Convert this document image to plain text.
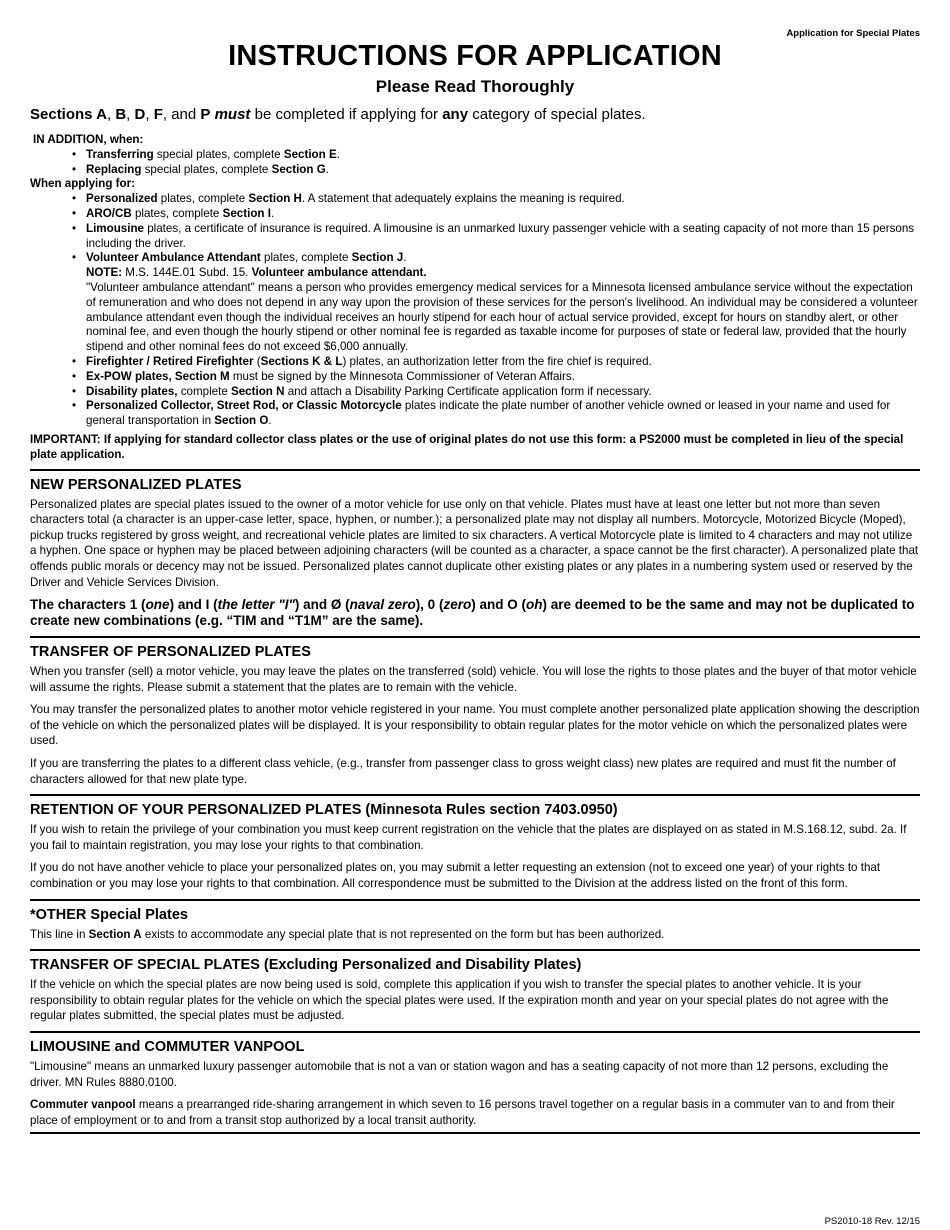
Application for Special Plates
INSTRUCTIONS FOR APPLICATION
Please Read Thoroughly
Sections A, B, D, F, and P must be completed if applying for any category of special plates.
IN ADDITION, when:
• Transferring special plates, complete Section E.
• Replacing special plates, complete Section G.
When applying for:
• Personalized plates, complete Section H. A statement that adequately explains the meaning is required.
• ARO/CB plates, complete Section I.
• Limousine plates, a certificate of insurance is required. A limousine is an unmarked luxury passenger vehicle with a seating capacity of not more than 15 persons including the driver.
• Volunteer Ambulance Attendant plates, complete Section J.
NOTE: M.S. 144E.01 Subd. 15. Volunteer ambulance attendant.
"Volunteer ambulance attendant" means a person who provides emergency medical services for a Minnesota licensed ambulance service without the expectation of remuneration and who does not depend in any way upon the provision of these services for the person's livelihood. An individual may be considered a volunteer ambulance attendant even though the individual receives an hourly stipend for each hour of actual service provided, except for hours on standby alert, or other nominal fee, and even though the hourly stipend or other nominal fee is regarded as taxable income for purposes of state or federal law, provided that the hourly stipend and other nominal fees do not exceed $6,000 annually.
• Firefighter / Retired Firefighter (Sections K & L) plates, an authorization letter from the fire chief is required.
• Ex-POW plates, Section M must be signed by the Minnesota Commissioner of Veteran Affairs.
• Disability plates, complete Section N and attach a Disability Parking Certificate application form if necessary.
• Personalized Collector, Street Rod, or Classic Motorcycle plates indicate the plate number of another vehicle owned or leased in your name and used for general transportation in Section O.
IMPORTANT: If applying for standard collector class plates or the use of original plates do not use this form: a PS2000 must be completed in lieu of the special plate application.
NEW PERSONALIZED PLATES

Personalized plates are special plates issued to the owner of a motor vehicle for use only on that vehicle. Plates must have at least one letter but not more than seven characters total (a character is an upper-case letter, space, hyphen, or number.); a personalized plate may not display all numbers. Motorcycle, Motorized Bicycle (Moped), pickup trucks registered by gross weight, and recreational vehicle plates are limited to six characters. A vertical Motorcycle plate is limited to 4 characters and may not utilize a hyphen. One space or hyphen may be placed between adjoining characters (will be counted as a character, a space cannot be the first character). A personalized plate that offends public morals or decency may not be issued. Personalized plates cannot duplicate other existing plates or any plates in a numbering system used or reserved by the Driver and Vehicle Services Division.

The characters 1 (one) and I (the letter "I") and Ø (naval zero), 0 (zero) and O (oh) are deemed to be the same and may not be duplicated to create new combinations (e.g. “TIM and “T1M” are the same).

TRANSFER OF PERSONALIZED PLATES

When you transfer (sell) a motor vehicle, you may leave the plates on the transferred (sold) vehicle. You will lose the rights to those plates and the buyer of that motor vehicle will assume the rights. Please submit a statement that the plates are to remain with the vehicle.

You may transfer the personalized plates to another motor vehicle registered in your name. You must complete another personalized plate application showing the description of the vehicle on which the personalized plates will be displayed. It is your responsibility to obtain regular plates for the motor vehicle on which the personalized plates were used.

If you are transferring the plates to a different class vehicle, (e.g., transfer from passenger class to gross weight class) new plates are required and must fit the number of characters allowed for that new plate type.

RETENTION OF YOUR PERSONALIZED PLATES (Minnesota Rules section 7403.0950)

If you wish to retain the privilege of your combination you must keep current registration on the vehicle that the plates are displayed on as stated in M.S.168.12, subd. 2a. If you fail to maintain registration, you may lose your rights to that combination.

If you do not have another vehicle to place your personalized plates on, you may submit a letter requesting an extension (not to exceed one year) of your rights to that combination or you may lose your rights to that combination. All correspondence must be submitted to the Division at the address listed on the front of this form.

*OTHER Special Plates

This line in Section A exists to accommodate any special plate that is not represented on the form but has been authorized.

TRANSFER OF SPECIAL PLATES (Excluding Personalized and Disability Plates)

If the vehicle on which the special plates are now being used is sold, complete this application if you wish to transfer the special plates to another vehicle. It is your responsibility to obtain regular plates for the vehicle on which the special plates were used. If the expiration month and year on your special plates do not agree with the regular plates submitted, the special plates must be adjusted.

LIMOUSINE and COMMUTER VANPOOL

"Limousine" means an unmarked luxury passenger automobile that is not a van or station wagon and has a seating capacity of not more than 12 persons, excluding the driver. MN Rules 8880.0100.

Commuter vanpool means a prearranged ride-sharing arrangement in which seven to 16 persons travel together on a regular basis in a commuter van to and from their place of employment or to and from a transit stop authorized by a local transit authority.

PS2010-18 Rev. 12/15
